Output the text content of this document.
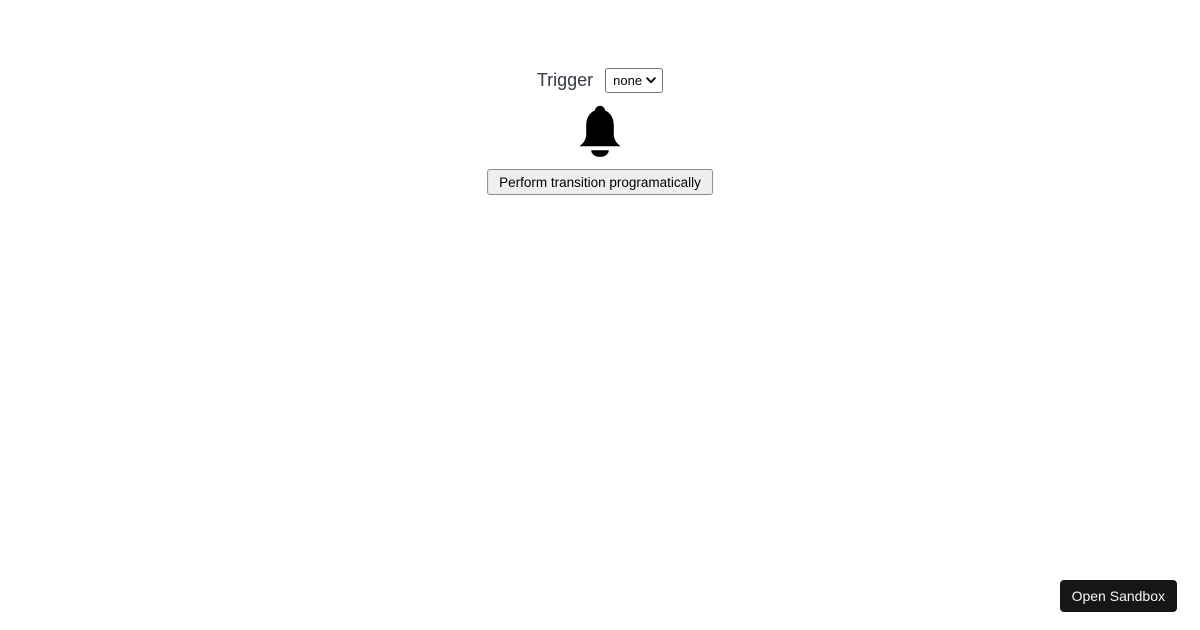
Trigger
none
Perform transition programatically
Open Sandbox
